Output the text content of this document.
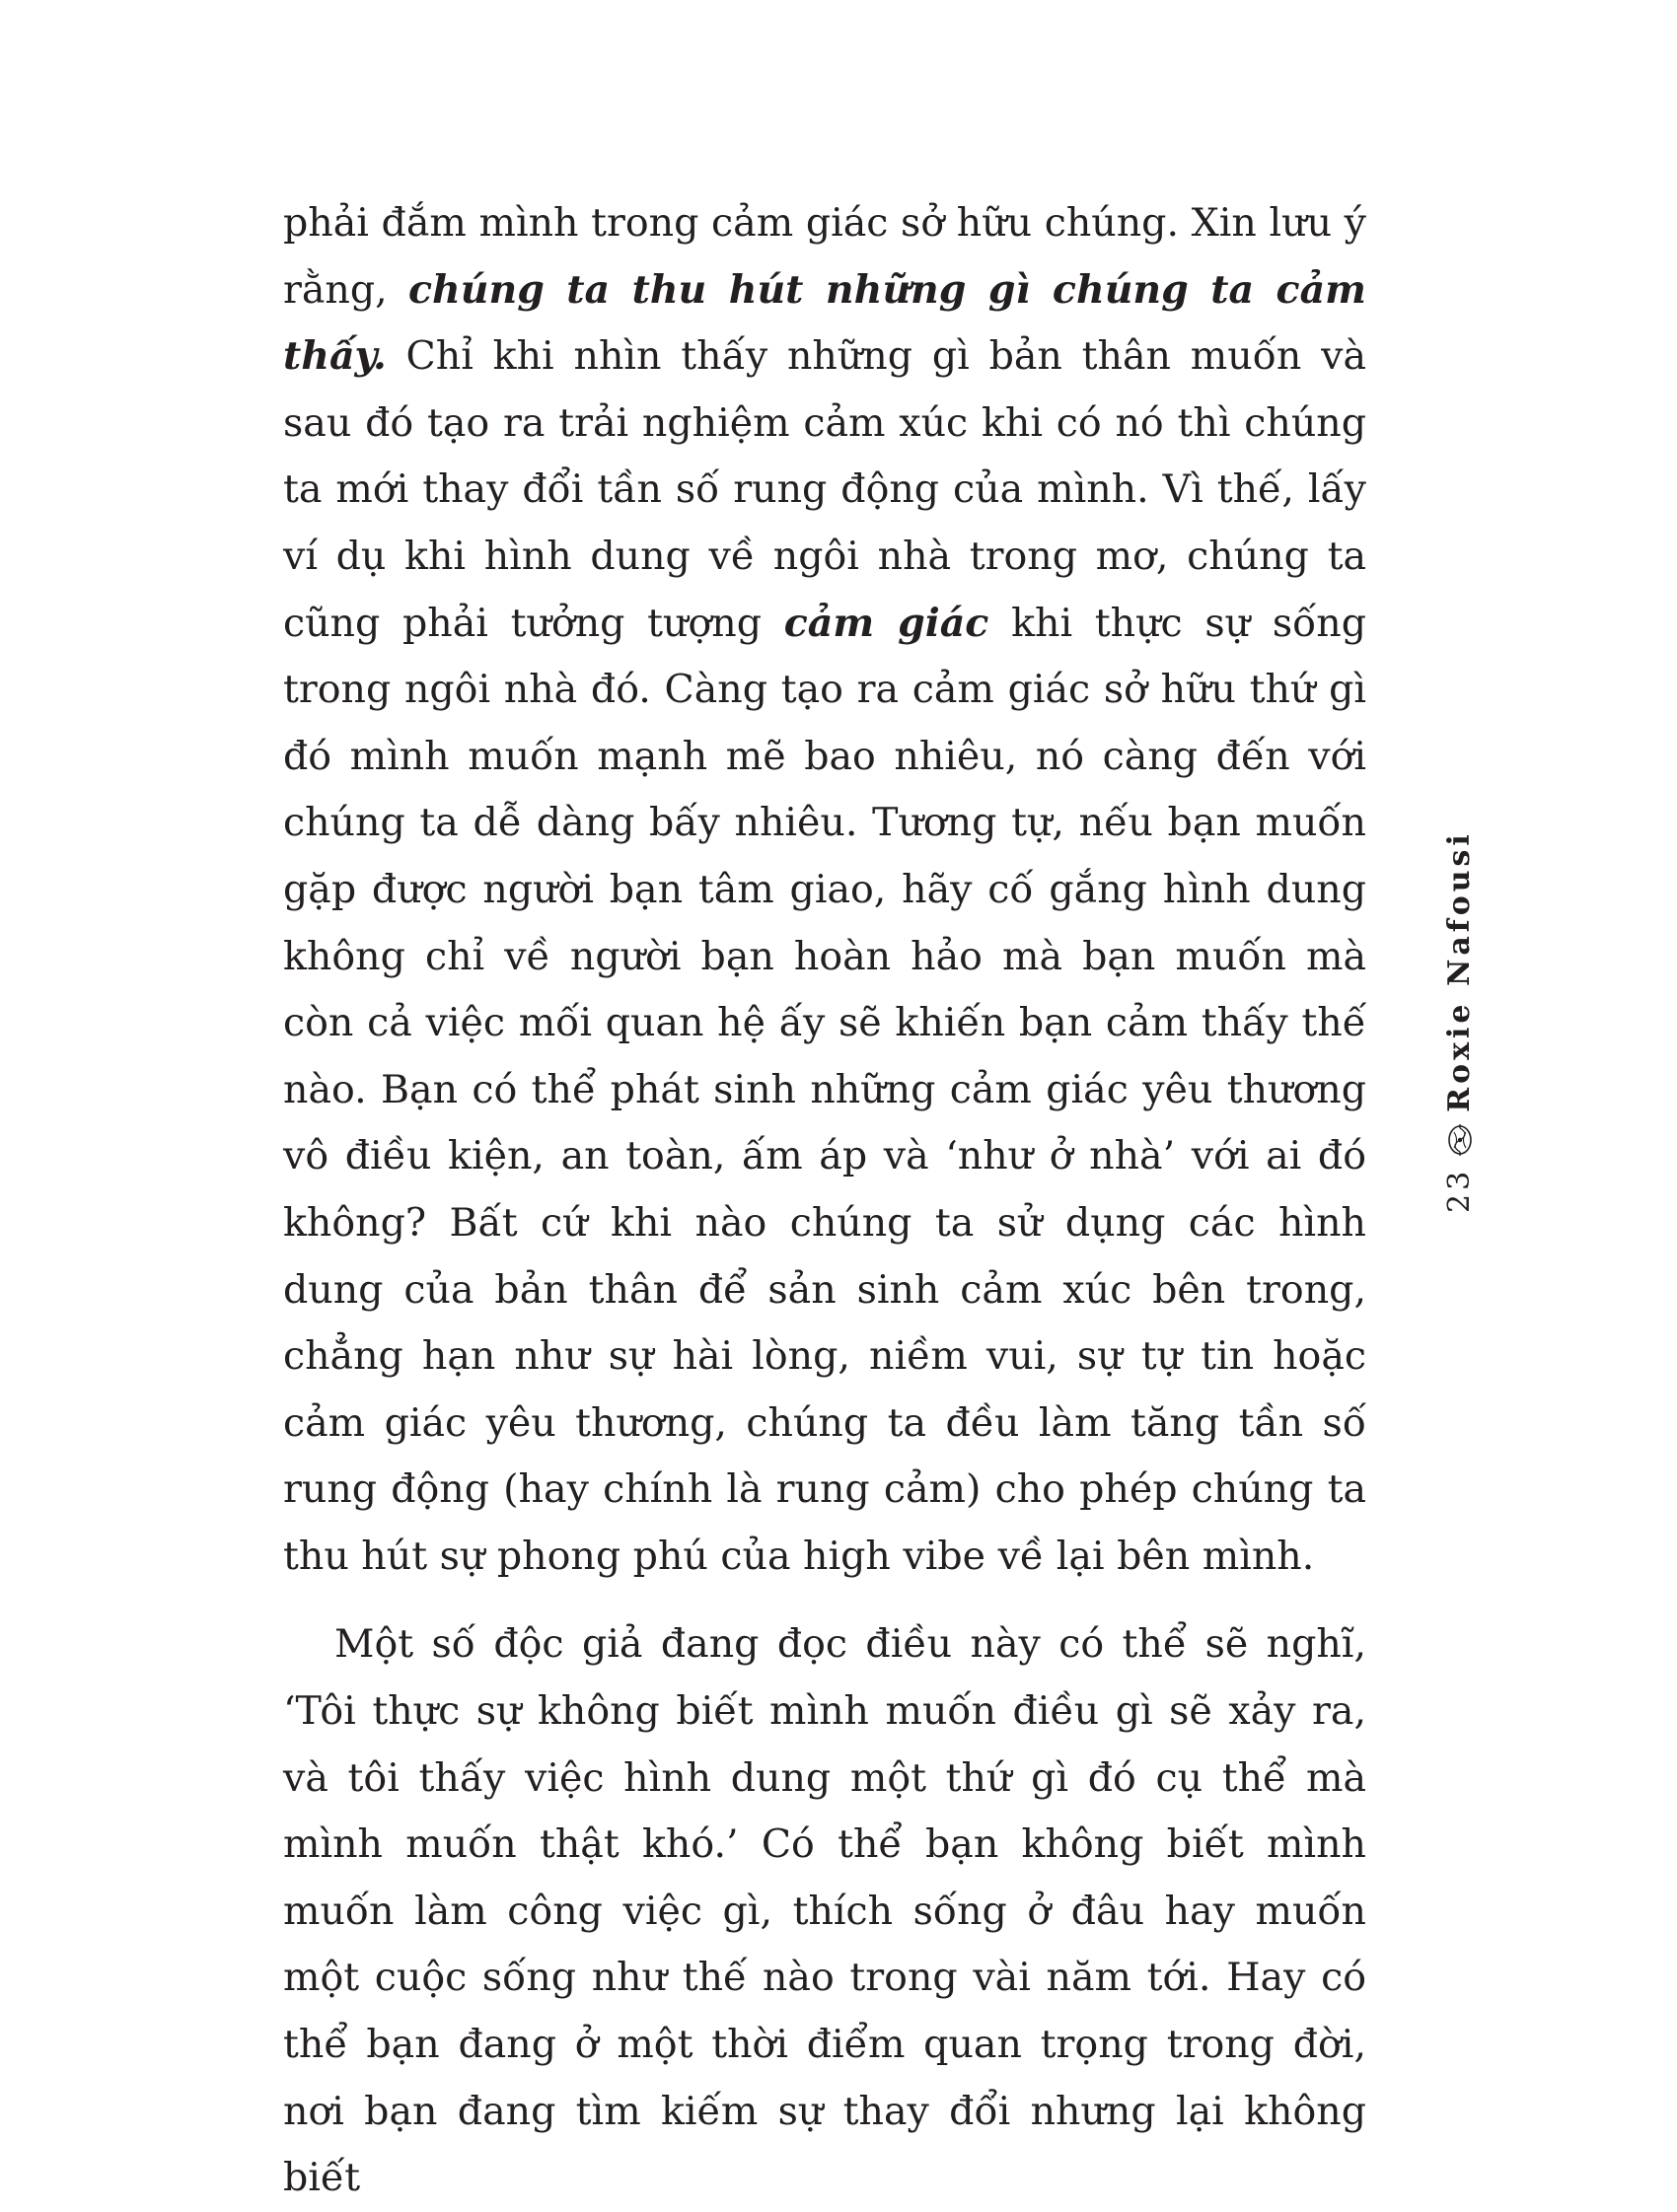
phải đắm mình trong cảm giác sở hữu chúng. Xin lưu ý rằng, chúng ta thu hút những gì chúng ta cảm thấy. Chỉ khi nhìn thấy những gì bản thân muốn và sau đó tạo ra trải nghiệm cảm xúc khi có nó thì chúng ta mới thay đổi tần số rung động của mình. Vì thế, lấy ví dụ khi hình dung về ngôi nhà trong mơ, chúng ta cũng phải tưởng tượng cảm giác khi thực sự sống trong ngôi nhà đó. Càng tạo ra cảm giác sở hữu thứ gì đó mình muốn mạnh mẽ bao nhiêu, nó càng đến với chúng ta dễ dàng bấy nhiêu. Tương tự, nếu bạn muốn gặp được người bạn tâm giao, hãy cố gắng hình dung không chỉ về người bạn hoàn hảo mà bạn muốn mà còn cả việc mối quan hệ ấy sẽ khiến bạn cảm thấy thế nào. Bạn có thể phát sinh những cảm giác yêu thương vô điều kiện, an toàn, ấm áp và ‘như ở nhà’ với ai đó không? Bất cứ khi nào chúng ta sử dụng các hình dung của bản thân để sản sinh cảm xúc bên trong, chẳng hạn như sự hài lòng, niềm vui, sự tự tin hoặc cảm giác yêu thương, chúng ta đều làm tăng tần số rung động (hay chính là rung cảm) cho phép chúng ta thu hút sự phong phú của high vibe về lại bên mình.

Một số độc giả đang đọc điều này có thể sẽ nghĩ, ‘Tôi thực sự không biết mình muốn điều gì sẽ xảy ra, và tôi thấy việc hình dung một thứ gì đó cụ thể mà mình muốn thật khó.’ Có thể bạn không biết mình muốn làm công việc gì, thích sống ở đâu hay muốn một cuộc sống như thế nào trong vài năm tới. Hay có thể bạn đang ở một thời điểm quan trọng trong đời, nơi bạn đang tìm kiếm sự thay đổi nhưng lại không biết

23
Roxie Nafousi
